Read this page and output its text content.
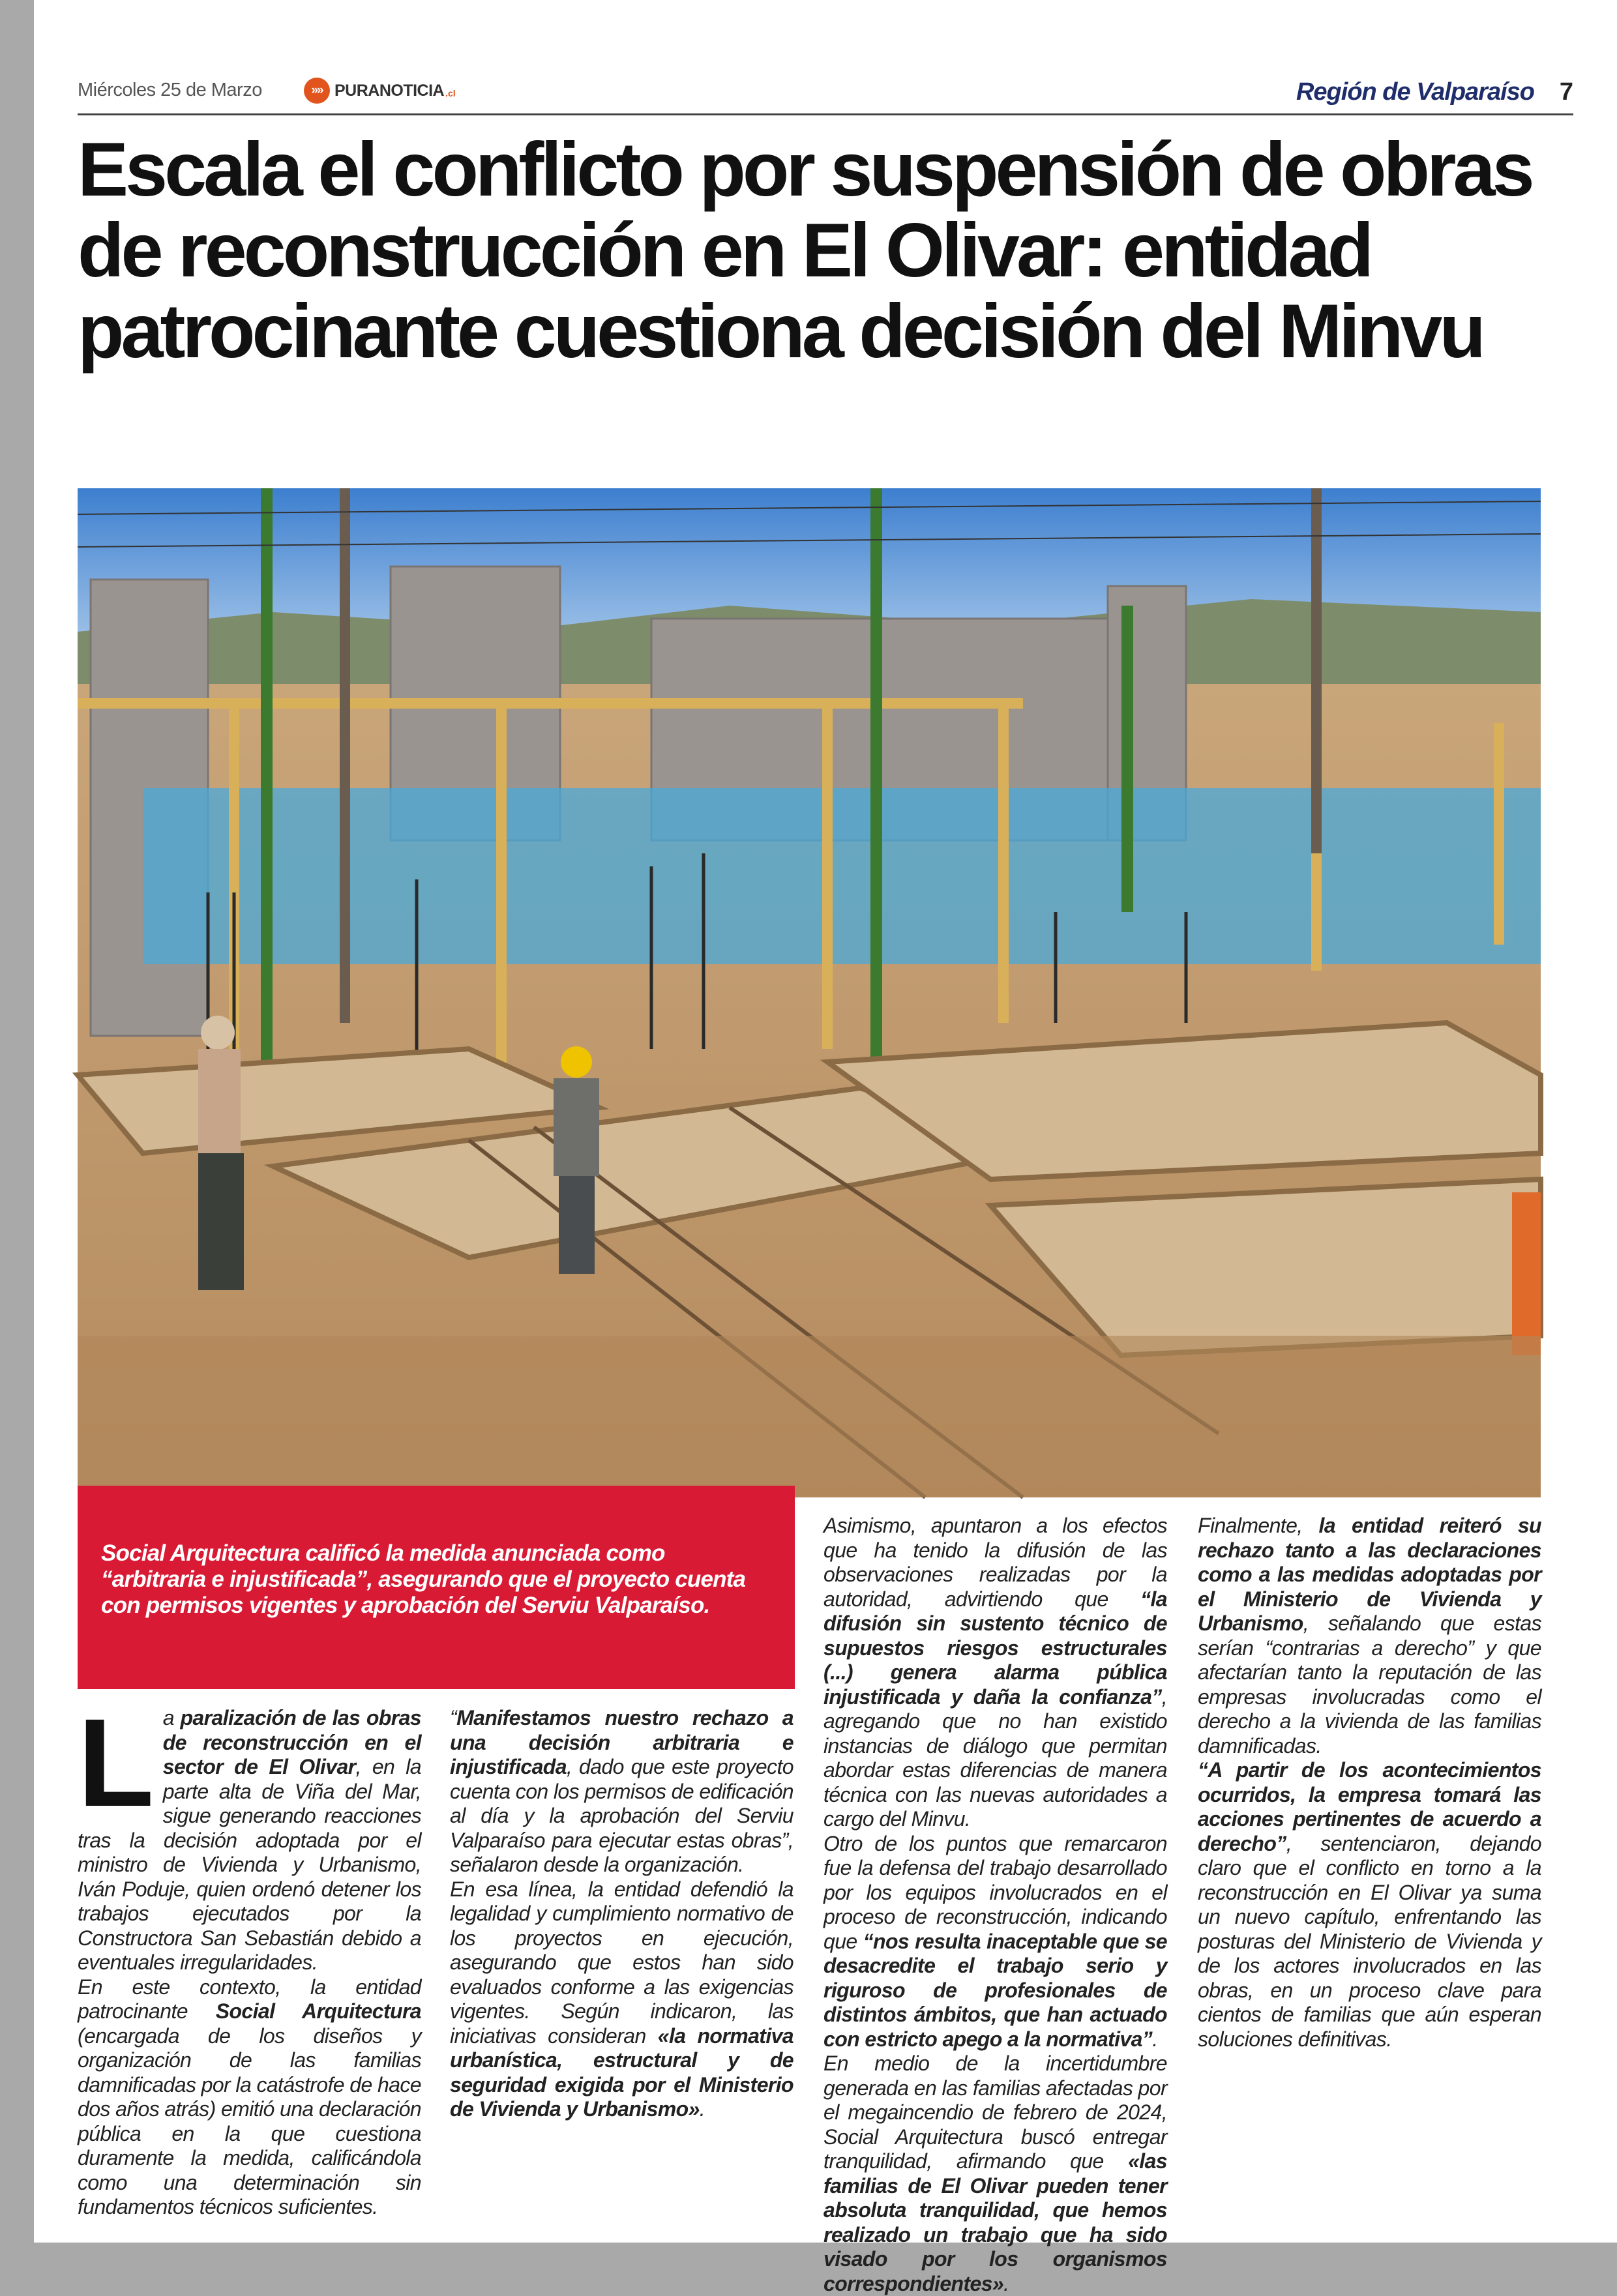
Miércoles 25 de Marzo	»» PURANOTICIA .cl	Región de Valparaíso 7
Escala el conflicto por suspensión de obras de reconstrucción en El Olivar: entidad patrocinante cuestiona decisión del Minvu

Social Arquitectura calificó la medida anunciada como “arbitraria e injustificada”, asegurando que el proyecto cuenta con permisos vigentes y aprobación del Serviu Valparaíso.

La paralización de las obras de reconstrucción en el sector de El Olivar, en la parte alta de Viña del Mar, sigue generando reacciones tras la decisión adoptada por el ministro de Vivienda y Urbanismo, Iván Poduje, quien ordenó detener los trabajos ejecutados por la Constructora San Sebastián debido a eventuales irregularidades.

En este contexto, la entidad patrocinante Social Arquitectura (encargada de los diseños y organización de las familias damnificadas por la catástrofe de hace dos años atrás) emitió una declaración pública en la que cuestiona duramente la medida, calificándola como una determinación sin fundamentos técnicos suficientes.

“Manifestamos nuestro rechazo a una decisión arbitraria e injustificada, dado que este proyecto cuenta con los permisos de edificación al día y la aprobación del Serviu Valparaíso para ejecutar estas obras”, señalaron desde la organización.

En esa línea, la entidad defendió la legalidad y cumplimiento normativo de los proyectos en ejecución, asegurando que estos han sido evaluados conforme a las exigencias vigentes. Según indicaron, las iniciativas consideran «la normativa urbanística, estructural y de seguridad exigida por el Ministerio de Vivienda y Urbanismo».

Asimismo, apuntaron a los efectos que ha tenido la difusión de las observaciones realizadas por la autoridad, advirtiendo que “la difusión sin sustento técnico de supuestos riesgos estructurales (...) genera alarma pública injustificada y daña la confianza”, agregando que no han existido instancias de diálogo que permitan abordar estas diferencias de manera técnica con las nuevas autoridades a cargo del Minvu.

Otro de los puntos que remarcaron fue la defensa del trabajo desarrollado por los equipos involucrados en el proceso de reconstrucción, indicando que “nos resulta inaceptable que se desacredite el trabajo serio y riguroso de profesionales de distintos ámbitos, que han actuado con estricto apego a la normativa”.

En medio de la incertidumbre generada en las familias afectadas por el megaincendio de febrero de 2024, Social Arquitectura buscó entregar tranquilidad, afirmando que «las familias de El Olivar pueden tener absoluta tranquilidad, que hemos realizado un trabajo que ha sido visado por los organismos correspondientes».

Finalmente, la entidad reiteró su rechazo tanto a las declaraciones como a las medidas adoptadas por el Ministerio de Vivienda y Urbanismo, señalando que estas serían “contrarias a derecho” y que afectarían tanto la reputación de las empresas involucradas como el derecho a la vivienda de las familias damnificadas.

“A partir de los acontecimientos ocurridos, la empresa tomará las acciones pertinentes de acuerdo a derecho”, sentenciaron, dejando claro que el conflicto en torno a la reconstrucción en El Olivar ya suma un nuevo capítulo, enfrentando las posturas del Ministerio de Vivienda y de los actores involucrados en las obras, en un proceso clave para cientos de familias que aún esperan soluciones definitivas.
